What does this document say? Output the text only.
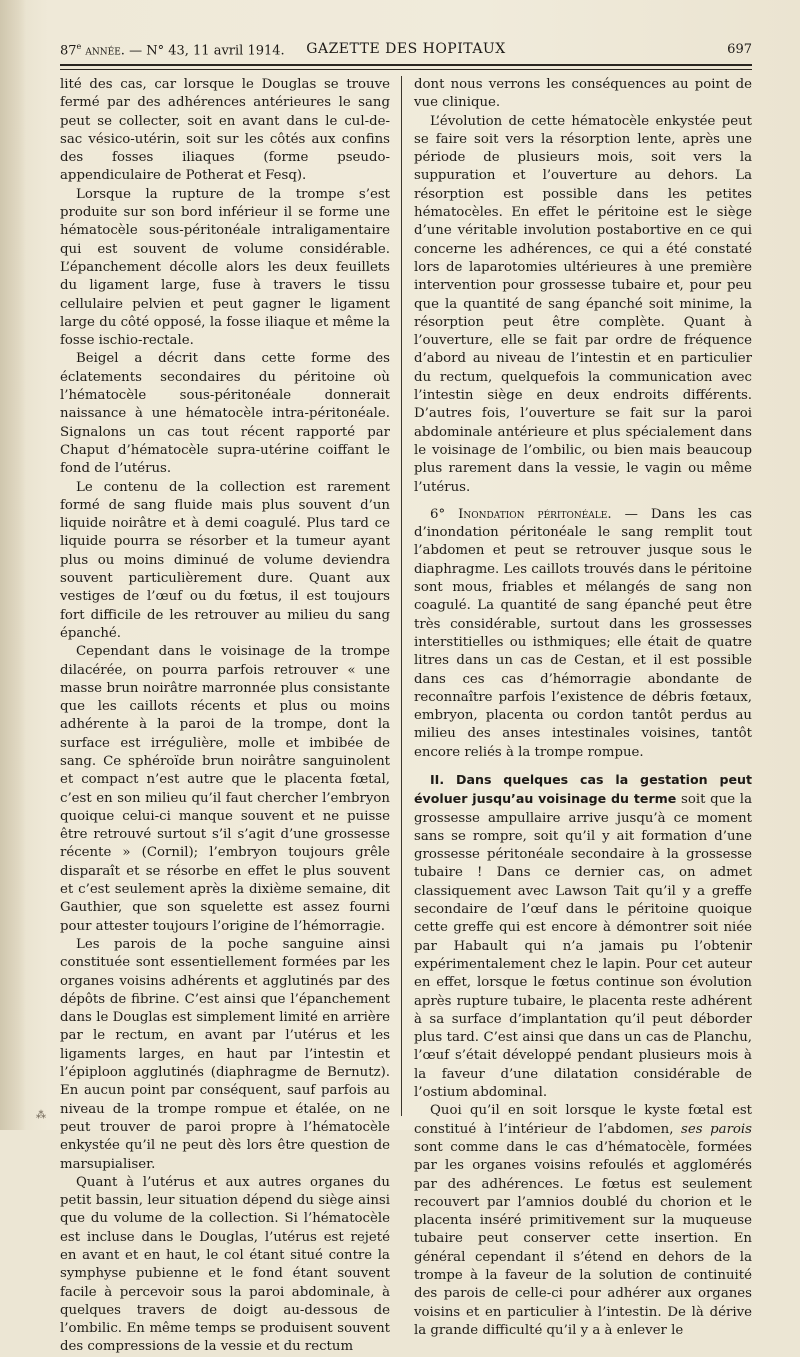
87e année. — N° 43, 11 avril 1914.	GAZETTE DES HOPITAUX	697

lité des cas, car lorsque le Douglas se trouve fermé par des adhérences antérieures le sang peut se collecter, soit en avant dans le cul-de-sac vésico-utérin, soit sur les côtés aux confins des fosses iliaques (forme pseudo-appendiculaire de Potherat et Fesq).

Lorsque la rupture de la trompe s’est produite sur son bord inférieur il se forme une hématocèle sous-péritonéale intraligamentaire qui est souvent de volume considérable. L’épanchement décolle alors les deux feuillets du ligament large, fuse à travers le tissu cellulaire pelvien et peut gagner le ligament large du côté opposé, la fosse iliaque et même la fosse ischio-rectale.

Beigel a décrit dans cette forme des éclatements secondaires du péritoine où l’hématocèle sous-péritonéale donnerait naissance à une hématocèle intra-péritonéale. Signalons un cas tout récent rapporté par Chaput d’hématocèle supra-utérine coiffant le fond de l’utérus.

Le contenu de la collection est rarement formé de sang fluide mais plus souvent d’un liquide noirâtre et à demi coagulé. Plus tard ce liquide pourra se résorber et la tumeur ayant plus ou moins diminué de volume deviendra souvent particulièrement dure. Quant aux vestiges de l’œuf ou du fœtus, il est toujours fort difficile de les retrouver au milieu du sang épanché.

Cependant dans le voisinage de la trompe dilacérée, on pourra parfois retrouver « une masse brun noirâtre marronnée plus consistante que les caillots récents et plus ou moins adhérente à la paroi de la trompe, dont la surface est irrégulière, molle et imbibée de sang. Ce sphéroïde brun noirâtre sanguinolent et compact n’est autre que le placenta fœtal, c’est en son milieu qu’il faut chercher l’embryon quoique celui-ci manque souvent et ne puisse être retrouvé surtout s’il s’agit d’une grossesse récente » (Cornil); l’embryon toujours grêle disparaît et se résorbe en effet le plus souvent et c’est seulement après la dixième semaine, dit Gauthier, que son squelette est assez fourni pour attester toujours l’origine de l’hémorragie.

Les parois de la poche sanguine ainsi constituée sont essentiellement formées par les organes voisins adhérents et agglutinés par des dépôts de fibrine. C’est ainsi que l’épanchement dans le Douglas est simplement limité en arrière par le rectum, en avant par l’utérus et les ligaments larges, en haut par l’intestin et l’épiploon agglutinés (diaphragme de Bernutz). En aucun point par conséquent, sauf parfois au niveau de la trompe rompue et étalée, on ne peut trouver de paroi propre à l’hématocèle enkystée qu’il ne peut dès lors être question de marsupialiser.

Quant à l’utérus et aux autres organes du petit bassin, leur situation dépend du siège ainsi que du volume de la collection. Si l’hématocèle est incluse dans le Douglas, l’utérus est rejeté en avant et en haut, le col étant situé contre la symphyse pubienne et le fond étant souvent facile à percevoir sous la paroi abdominale, à quelques travers de doigt au-dessous de l’ombilic. En même temps se produisent souvent des compressions de la vessie et du rectum

dont nous verrons les conséquences au point de vue clinique.

L’évolution de cette hématocèle enkystée peut se faire soit vers la résorption lente, après une période de plusieurs mois, soit vers la suppuration et l’ouverture au dehors. La résorption est possible dans les petites hématocèles. En effet le péritoine est le siège d’une véritable involution postabortive en ce qui concerne les adhérences, ce qui a été constaté lors de laparotomies ultérieures à une première intervention pour grossesse tubaire et, pour peu que la quantité de sang épanché soit minime, la résorption peut être complète. Quant à l’ouverture, elle se fait par ordre de fréquence d’abord au niveau de l’intestin et en particulier du rectum, quelquefois la communication avec l’intestin siège en deux endroits différents. D’autres fois, l’ouverture se fait sur la paroi abdominale antérieure et plus spécialement dans le voisinage de l’ombilic, ou bien mais beaucoup plus rarement dans la vessie, le vagin ou même l’utérus.

6° Inondation péritonéale. — Dans les cas d’inondation péritonéale le sang remplit tout l’abdomen et peut se retrouver jusque sous le diaphragme. Les caillots trouvés dans le péritoine sont mous, friables et mélangés de sang non coagulé. La quantité de sang épanché peut être très considérable, surtout dans les grossesses interstitielles ou isthmiques; elle était de quatre litres dans un cas de Cestan, et il est possible dans ces cas d’hémorragie abondante de reconnaître parfois l’existence de débris fœtaux, embryon, placenta ou cordon tantôt perdus au milieu des anses intestinales voisines, tantôt encore reliés à la trompe rompue.

II. Dans quelques cas la gestation peut évoluer jusqu’au voisinage du terme soit que la grossesse ampullaire arrive jusqu’à ce moment sans se rompre, soit qu’il y ait formation d’une grossesse péritonéale secondaire à la grossesse tubaire ! Dans ce dernier cas, on admet classiquement avec Lawson Tait qu’il y a greffe secondaire de l’œuf dans le péritoine quoique cette greffe qui est encore à démontrer soit niée par Habault qui n’a jamais pu l’obtenir expérimentalement chez le lapin. Pour cet auteur en effet, lorsque le fœtus continue son évolution après rupture tubaire, le placenta reste adhérent à sa surface d’implantation qu’il peut déborder plus tard. C’est ainsi que dans un cas de Planchu, l’œuf s’était développé pendant plusieurs mois à la faveur d’une dilatation considérable de l’ostium abdominal.

Quoi qu’il en soit lorsque le kyste fœtal est constitué à l’intérieur de l’abdomen, ses parois sont comme dans le cas d’hématocèle, formées par les organes voisins refoulés et agglomérés par des adhérences. Le fœtus est seulement recouvert par l’amnios doublé du chorion et le placenta inséré primitivement sur la muqueuse tubaire peut conserver cette insertion. En général cependant il s’étend en dehors de la trompe à la faveur de la solution de continuité des parois de celle-ci pour adhérer aux organes voisins et en particulier à l’intestin. De là dérive la grande difficulté qu’il y a à enlever le

⁂
